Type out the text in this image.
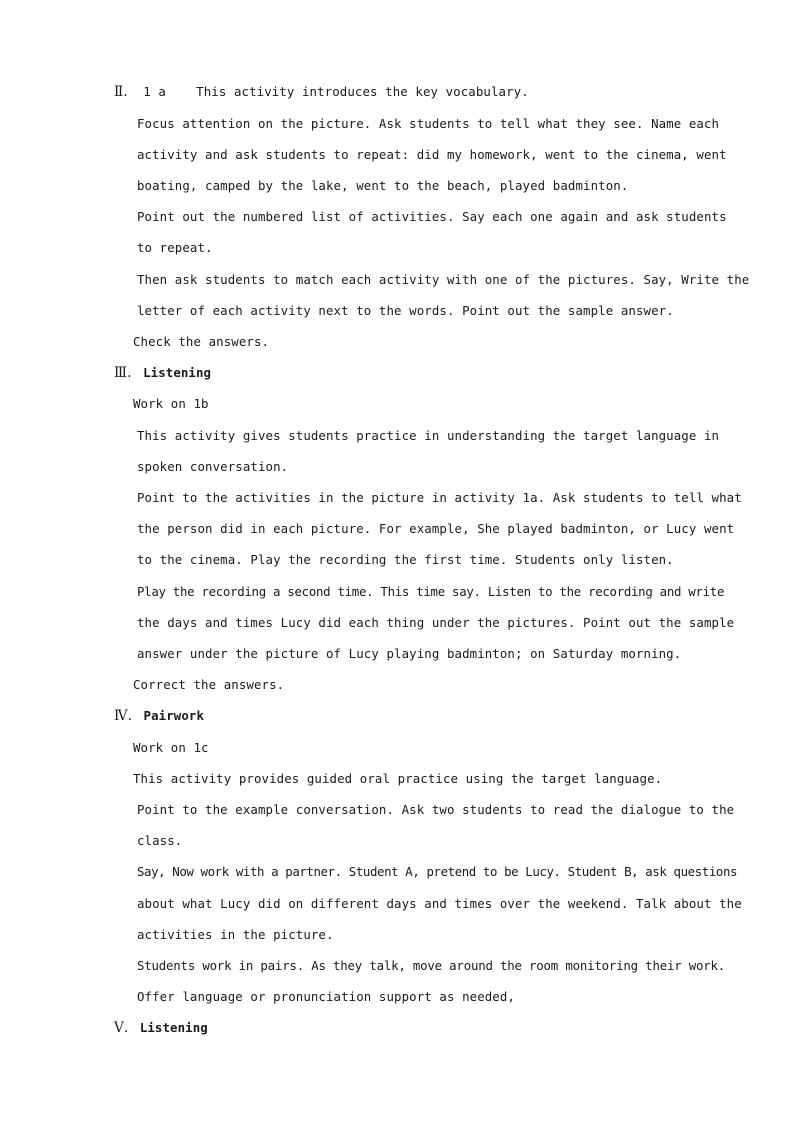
Ⅱ. 1 a    This activity introduces the key vocabulary.
Focus attention on the picture. Ask students to tell what they see. Name each
activity and ask students to repeat: did my homework, went to the cinema, went
boating, camped by the lake, went to the beach, played badminton.
Point out the numbered list of activities. Say each one again and ask students
to repeat.
Then ask students to match each activity with one of the pictures. Say, Write the
letter of each activity next to the words. Point out the sample answer.
Check the answers.
Ⅲ. Listening
Work on 1b
This activity gives students practice in understanding the target language in
spoken conversation.
Point to the activities in the picture in activity 1a. Ask students to tell what
the person did in each picture. For example, She played badminton, or Lucy went
to the cinema. Play the recording the first time. Students only listen.
Play the recording a second time. This time say. Listen to the recording and write
the days and times Lucy did each thing under the pictures. Point out the sample
answer under the picture of Lucy playing badminton; on Saturday morning.
Correct the answers.
Ⅳ. Pairwork
Work on 1c
This activity provides guided oral practice using the target language.
Point to the example conversation. Ask two students to read the dialogue to the
class.
Say, Now work with a partner. Student A, pretend to be Lucy. Student B, ask questions
about what Lucy did on different days and times over the weekend. Talk about the
activities in the picture.
Students work in pairs. As they talk, move around the room monitoring their work.
Offer language or pronunciation support as needed,
Ⅴ. Listening
